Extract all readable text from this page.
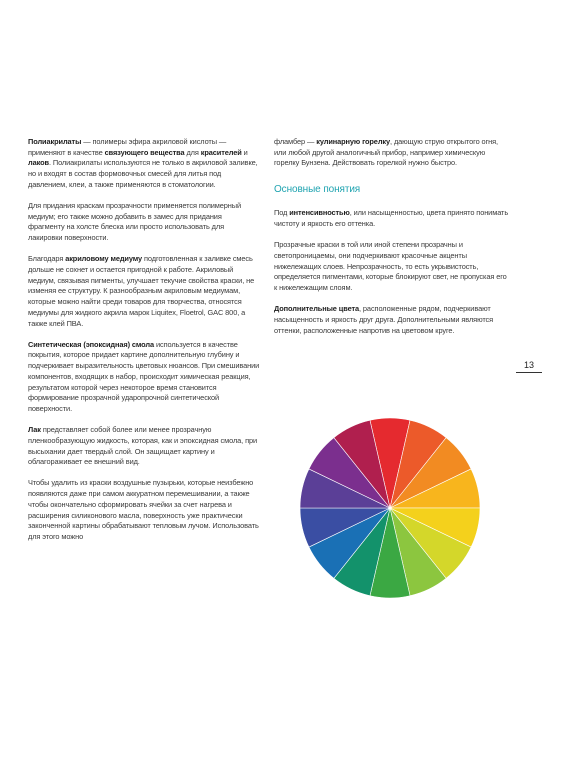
Полиакрилаты — полимеры эфира акриловой кислоты — применяют в качестве связующего вещества для красителей и лаков. Полиакрилаты используются не только в акриловой заливке, но и входят в состав формовочных смесей для литья под давлением, клеи, а также применяются в стоматологии.

Для придания краскам прозрачности применяется полимерный медиум; его также можно добавить в замес для придания фрагменту на холсте блеска или просто использовать для лакировки поверхности.

Благодаря акриловому медиуму подготовленная к заливке смесь дольше не сохнет и остается пригодной к работе. Акриловый медиум, связывая пигменты, улучшает текучие свойства краски, не изменяя ее структуру. К разнообразным акриловым медиумам, которые можно найти среди товаров для творчества, относятся медиумы для жидкого акрила марок Liquitex, Floetrol, GAC 800, а также клей ПВА.

Синтетическая (эпоксидная) смола используется в качестве покрытия, которое придает картине дополнительную глубину и подчеркивает выразительность цветовых нюансов. При смешивании компонентов, входящих в набор, происходит химическая реакция, результатом которой через некоторое время становится формирование прозрачной ударопрочной синтетической поверхности.

Лак представляет собой более или менее прозрачную пленкообразующую жидкость, которая, как и эпоксидная смола, при высыхании дает твердый слой. Он защищает картину и облагораживает ее внешний вид.

Чтобы удалить из краски воздушные пузырьки, которые неизбежно появляются даже при самом аккуратном перемешивании, а также чтобы окончательно сформировать ячейки за счет нагрева и расширения силиконового масла, поверхность уже практически законченной картины обрабатывают тепловым лучом. Использовать для этого можно

фламбер — кулинарную горелку, дающую струю открытого огня, или любой другой аналогичный прибор, например химическую горелку Бунзена. Действовать горелкой нужно быстро.

Основные понятия

Под интенсивностью, или насыщенностью, цвета принято понимать чистоту и яркость его оттенка.

Прозрачные краски в той или иной степени прозрачны и светопроницаемы, они подчеркивают красочные акценты нижележащих слоев. Непрозрачность, то есть укрывистость, определяется пигментами, которые блокируют свет, не пропуская его к нижележащим слоям.

Дополнительные цвета, расположенные рядом, подчеркивают насыщенность и яркость друг друга. Дополнительными являются оттенки, расположенные напротив на цветовом круге.

13
